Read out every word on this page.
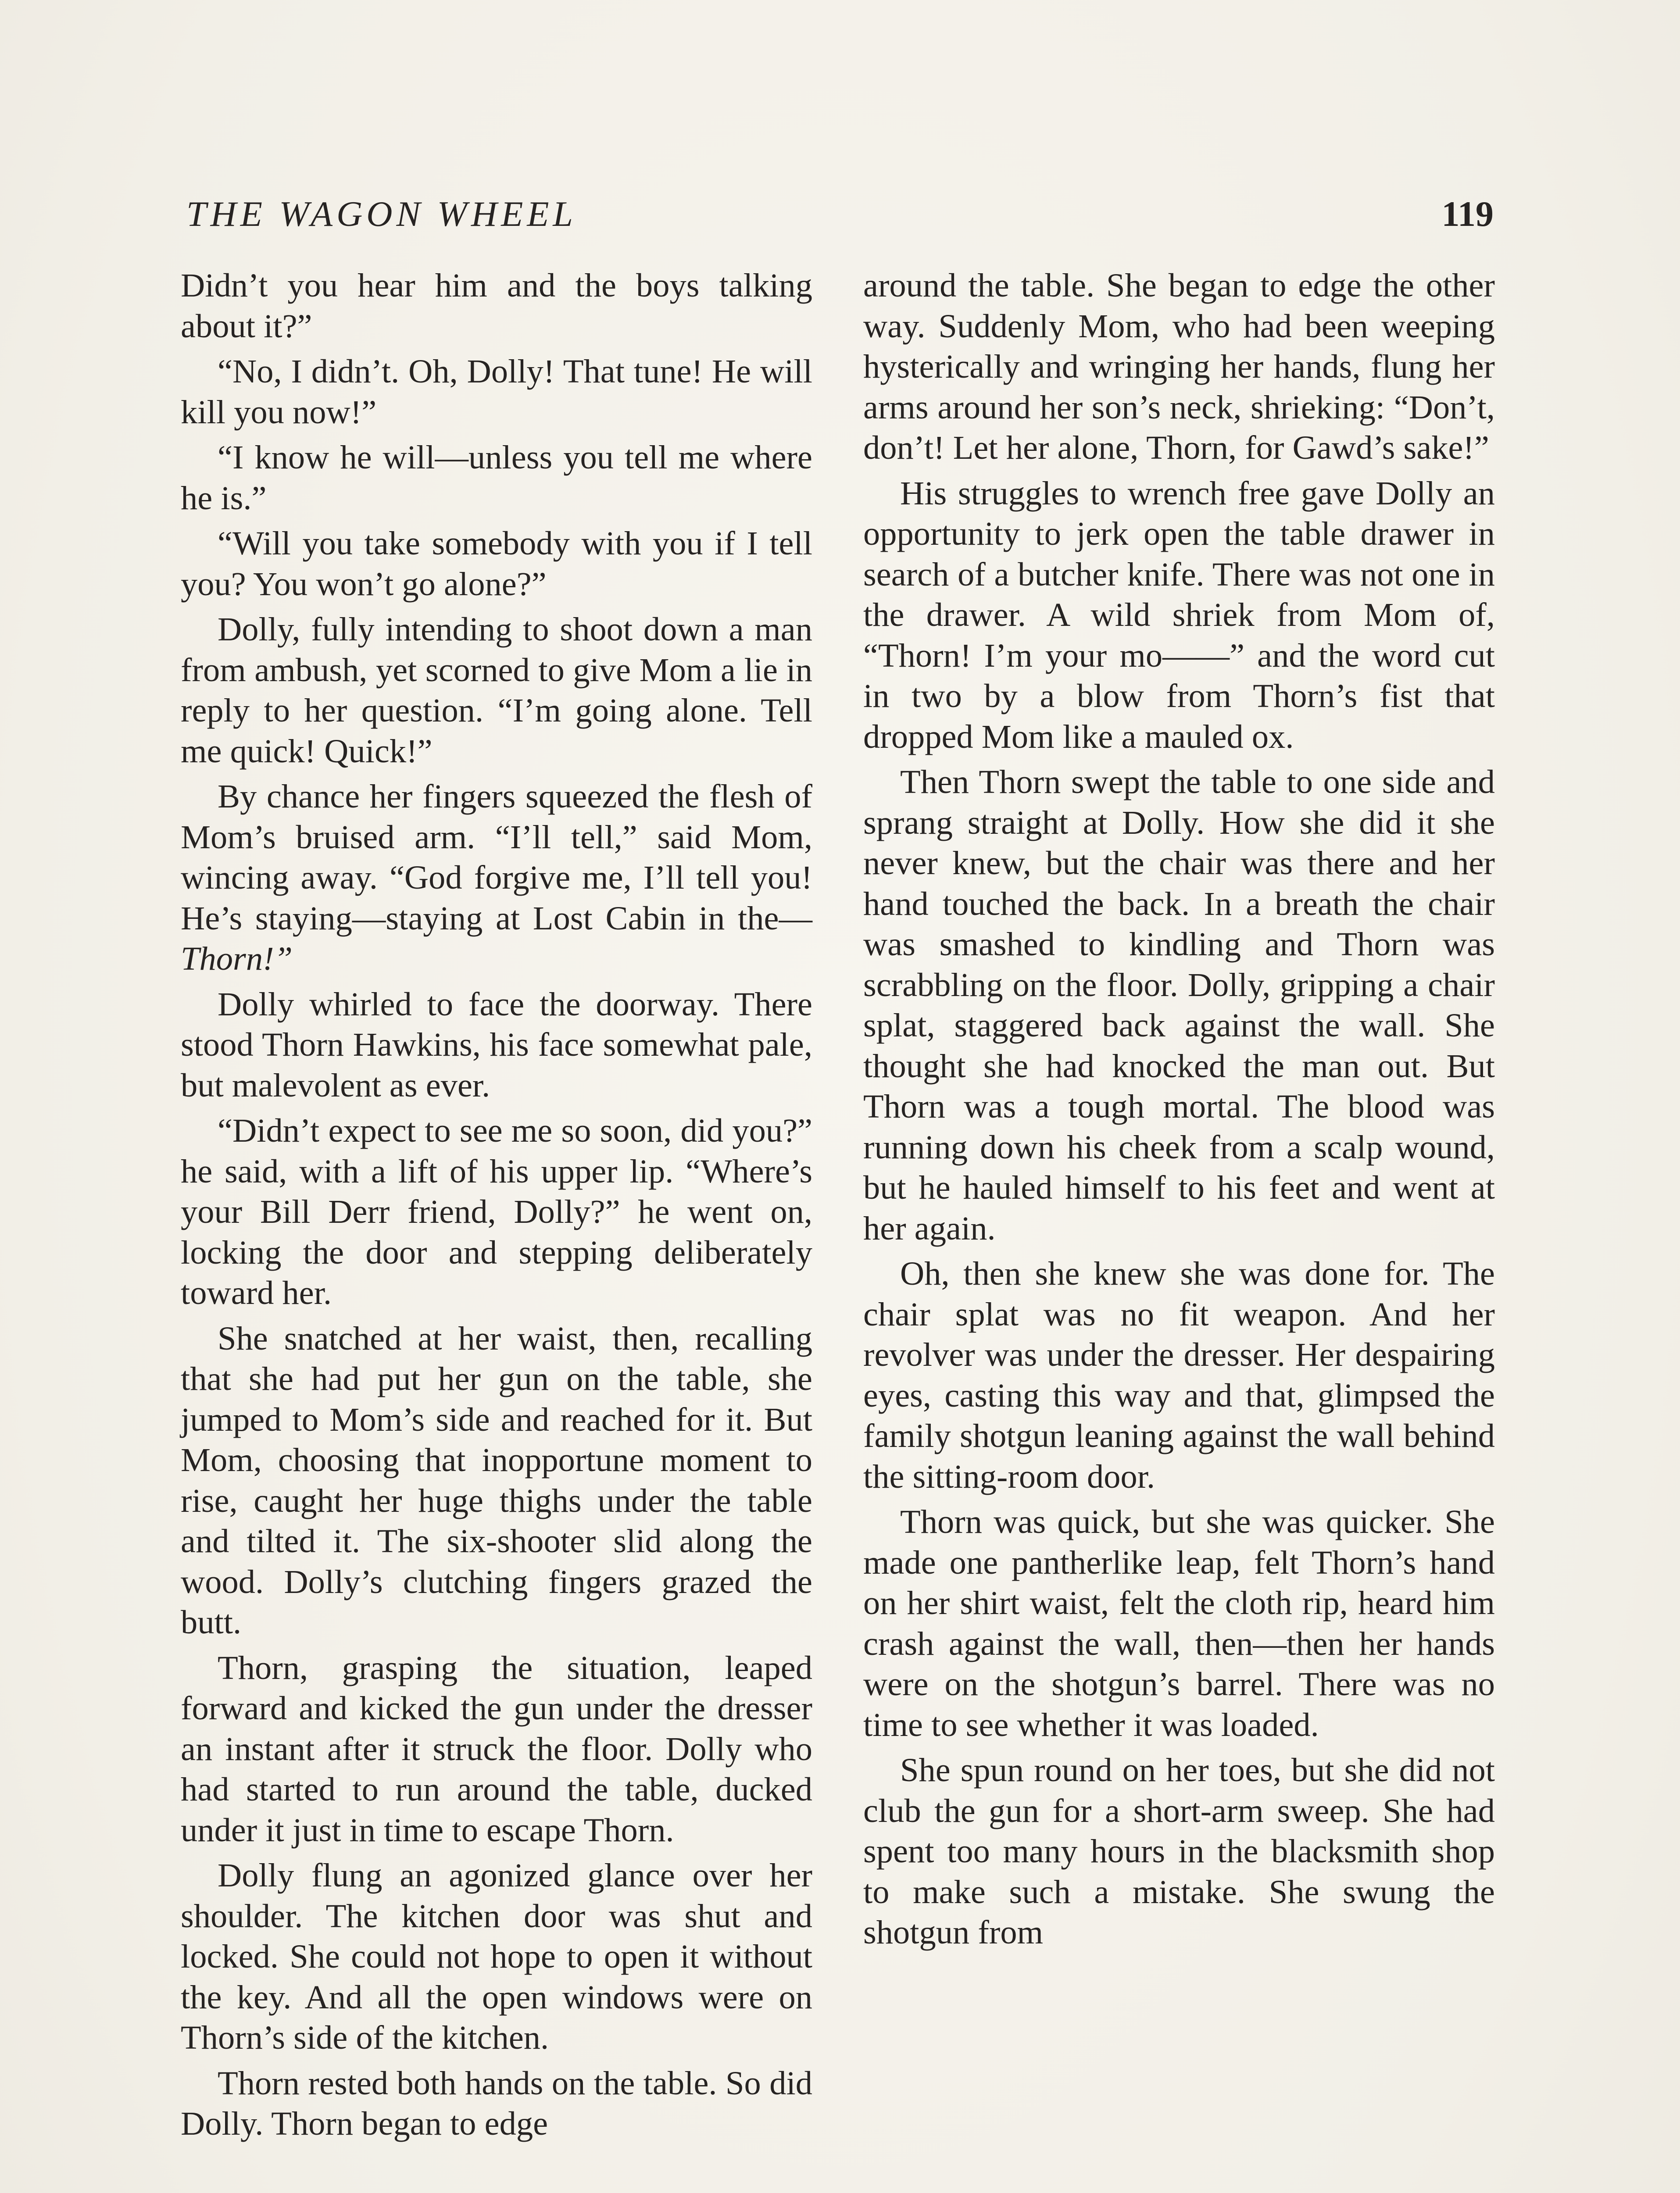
THE WAGON WHEEL	119

Didn’t you hear him and the boys talking about it?”

“No, I didn’t. Oh, Dolly! That tune! He will kill you now!”

“I know he will—unless you tell me where he is.”

“Will you take somebody with you if I tell you? You won’t go alone?”

Dolly, fully intending to shoot down a man from ambush, yet scorned to give Mom a lie in reply to her question. “I’m going alone. Tell me quick! Quick!”

By chance her fingers squeezed the flesh of Mom’s bruised arm. “I’ll tell,” said Mom, wincing away. “God forgive me, I’ll tell you! He’s staying—staying at Lost Cabin in the—Thorn!”

Dolly whirled to face the doorway. There stood Thorn Hawkins, his face somewhat pale, but malevolent as ever.

“Didn’t expect to see me so soon, did you?” he said, with a lift of his upper lip. “Where’s your Bill Derr friend, Dolly?” he went on, locking the door and stepping deliberately toward her.

She snatched at her waist, then, recalling that she had put her gun on the table, she jumped to Mom’s side and reached for it. But Mom, choosing that inopportune moment to rise, caught her huge thighs under the table and tilted it. The six-shooter slid along the wood. Dolly’s clutching fingers grazed the butt.

Thorn, grasping the situation, leaped forward and kicked the gun under the dresser an instant after it struck the floor. Dolly who had started to run around the table, ducked under it just in time to escape Thorn.

Dolly flung an agonized glance over her shoulder. The kitchen door was shut and locked. She could not hope to open it without the key. And all the open windows were on Thorn’s side of the kitchen.

Thorn rested both hands on the table. So did Dolly. Thorn began to edge

around the table. She began to edge the other way. Suddenly Mom, who had been weeping hysterically and wringing her hands, flung her arms around her son’s neck, shrieking: “Don’t, don’t! Let her alone, Thorn, for Gawd’s sake!”

His struggles to wrench free gave Dolly an opportunity to jerk open the table drawer in search of a butcher knife. There was not one in the drawer. A wild shriek from Mom of, “Thorn! I’m your mo——” and the word cut in two by a blow from Thorn’s fist that dropped Mom like a mauled ox.

Then Thorn swept the table to one side and sprang straight at Dolly. How she did it she never knew, but the chair was there and her hand touched the back. In a breath the chair was smashed to kindling and Thorn was scrabbling on the floor. Dolly, gripping a chair splat, staggered back against the wall. She thought she had knocked the man out. But Thorn was a tough mortal. The blood was running down his cheek from a scalp wound, but he hauled himself to his feet and went at her again.

Oh, then she knew she was done for. The chair splat was no fit weapon. And her revolver was under the dresser. Her despairing eyes, casting this way and that, glimpsed the family shotgun leaning against the wall behind the sitting-room door.

Thorn was quick, but she was quicker. She made one pantherlike leap, felt Thorn’s hand on her shirt waist, felt the cloth rip, heard him crash against the wall, then—then her hands were on the shotgun’s barrel. There was no time to see whether it was loaded.

She spun round on her toes, but she did not club the gun for a short-arm sweep. She had spent too many hours in the blacksmith shop to make such a mistake. She swung the shotgun from
